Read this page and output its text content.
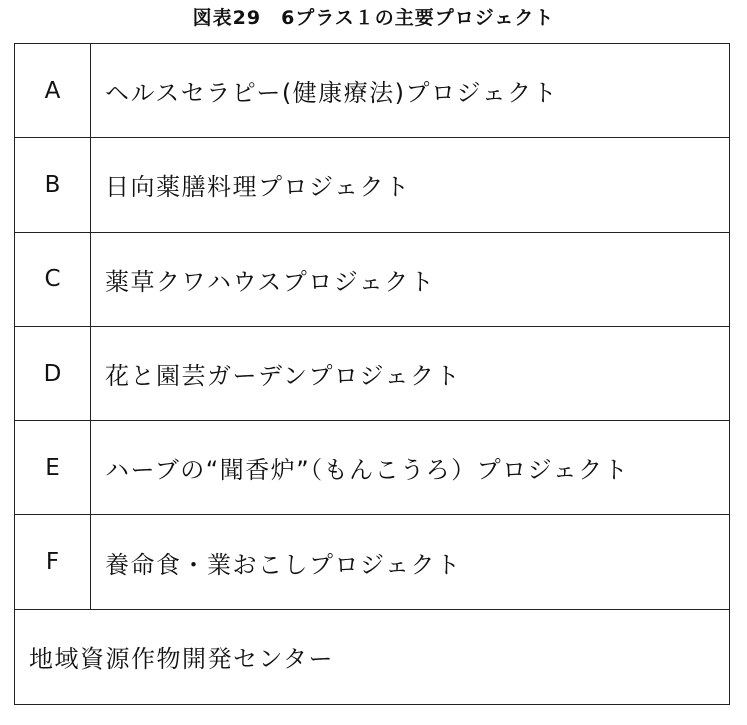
図表29　6プラス１の主要プロジェクト
A	ヘルスセラピー(健康療法)プロジェクト
B	日向薬膳料理プロジェクト
C	薬草クワハウスプロジェクト
D	花と園芸ガーデンプロジェクト
E	ハーブの“聞香炉”（もんこうろ）プロジェクト
F	養命食・業おこしプロジェクト
地域資源作物開発センター
